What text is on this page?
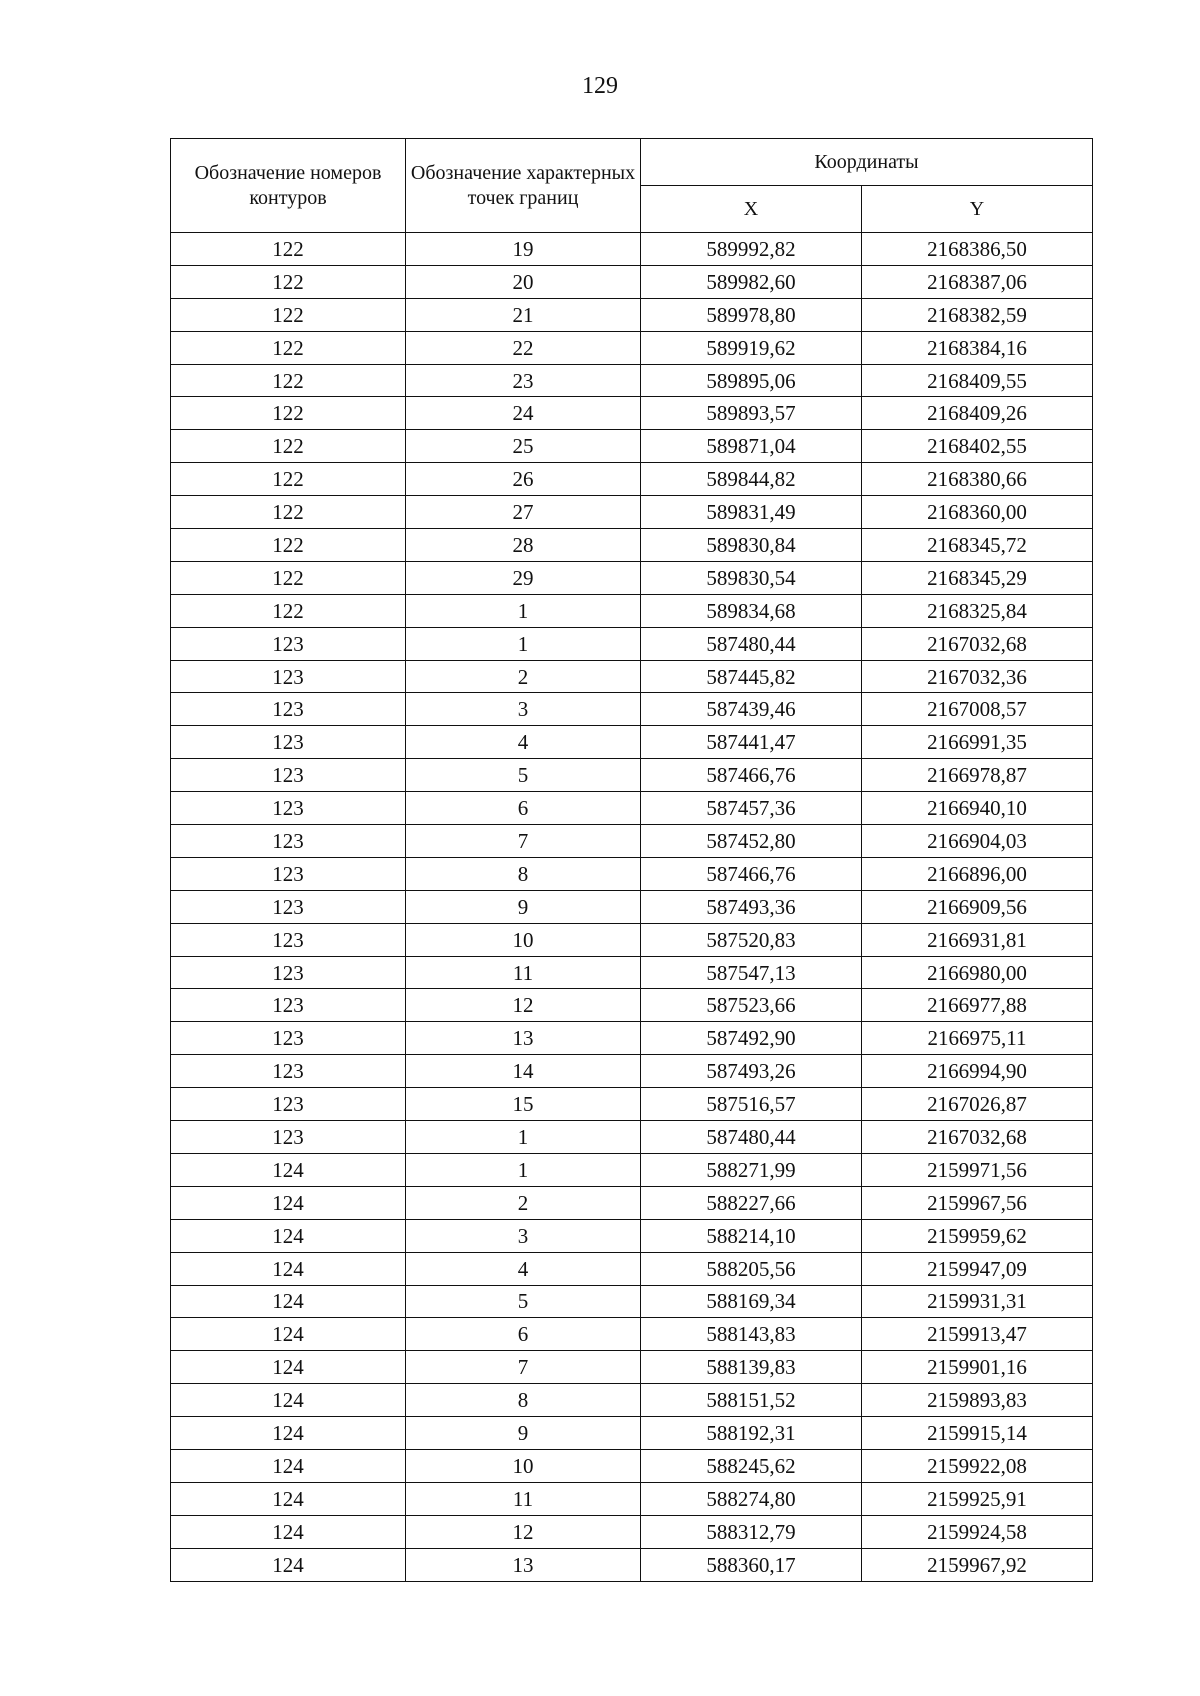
129
Обозначение номеров контуров	Обозначение характерных точек границ	Координаты	
		X	Y
122	19	589992,82	2168386,50
122	20	589982,60	2168387,06
122	21	589978,80	2168382,59
122	22	589919,62	2168384,16
122	23	589895,06	2168409,55
122	24	589893,57	2168409,26
122	25	589871,04	2168402,55
122	26	589844,82	2168380,66
122	27	589831,49	2168360,00
122	28	589830,84	2168345,72
122	29	589830,54	2168345,29
122	1	589834,68	2168325,84
123	1	587480,44	2167032,68
123	2	587445,82	2167032,36
123	3	587439,46	2167008,57
123	4	587441,47	2166991,35
123	5	587466,76	2166978,87
123	6	587457,36	2166940,10
123	7	587452,80	2166904,03
123	8	587466,76	2166896,00
123	9	587493,36	2166909,56
123	10	587520,83	2166931,81
123	11	587547,13	2166980,00
123	12	587523,66	2166977,88
123	13	587492,90	2166975,11
123	14	587493,26	2166994,90
123	15	587516,57	2167026,87
123	1	587480,44	2167032,68
124	1	588271,99	2159971,56
124	2	588227,66	2159967,56
124	3	588214,10	2159959,62
124	4	588205,56	2159947,09
124	5	588169,34	2159931,31
124	6	588143,83	2159913,47
124	7	588139,83	2159901,16
124	8	588151,52	2159893,83
124	9	588192,31	2159915,14
124	10	588245,62	2159922,08
124	11	588274,80	2159925,91
124	12	588312,79	2159924,58
124	13	588360,17	2159967,92
